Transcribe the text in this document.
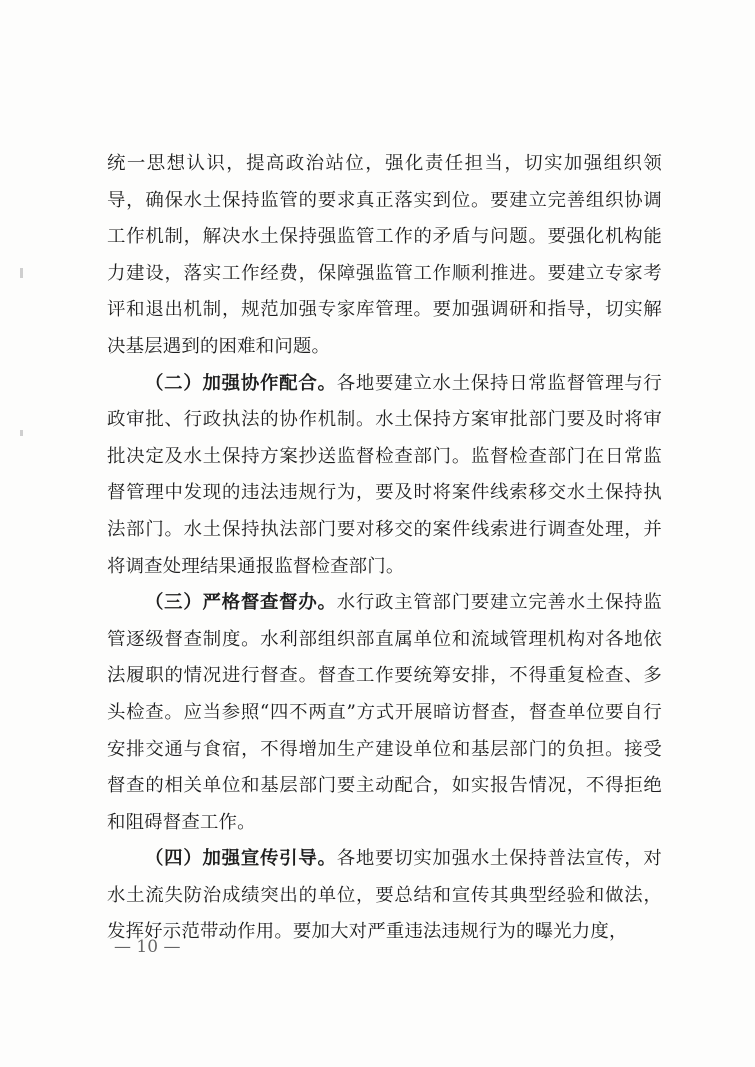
统一思想认识，提高政治站位，强化责任担当，切实加强组织领导，确保水土保持监管的要求真正落实到位。要建立完善组织协调工作机制，解决水土保持强监管工作的矛盾与问题。要强化机构能力建设，落实工作经费，保障强监管工作顺利推进。要建立专家考评和退出机制，规范加强专家库管理。要加强调研和指导，切实解决基层遇到的困难和问题。

（二）加强协作配合。各地要建立水土保持日常监督管理与行政审批、行政执法的协作机制。水土保持方案审批部门要及时将审批决定及水土保持方案抄送监督检查部门。监督检查部门在日常监督管理中发现的违法违规行为，要及时将案件线索移交水土保持执法部门。水土保持执法部门要对移交的案件线索进行调查处理，并将调查处理结果通报监督检查部门。

（三）严格督查督办。水行政主管部门要建立完善水土保持监管逐级督查制度。水利部组织部直属单位和流域管理机构对各地依法履职的情况进行督查。督查工作要统筹安排，不得重复检查、多头检查。应当参照“四不两直”方式开展暗访督查，督查单位要自行安排交通与食宿，不得增加生产建设单位和基层部门的负担。接受督查的相关单位和基层部门要主动配合，如实报告情况，不得拒绝和阻碍督查工作。

（四）加强宣传引导。各地要切实加强水土保持普法宣传，对水土流失防治成绩突出的单位，要总结和宣传其典型经验和做法，发挥好示范带动作用。要加大对严重违法违规行为的曝光力度，

— 10 —
